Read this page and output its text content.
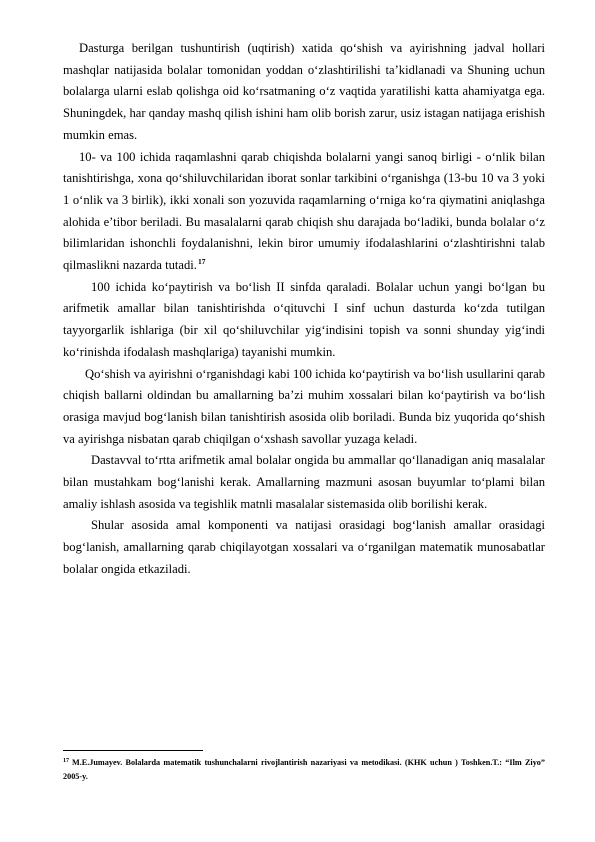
Dasturga berilgan tushuntirish (uqtirish) xatida qo‘shish va ayirishning jadval hollari mashqlar natijasida bolalar tomonidan yoddan o‘zlashtirilishi ta’kidlanadi va Shuning uchun bolalarga ularni eslab qolishga oid ko‘rsatmaning o‘z vaqtida yaratilishi katta ahamiyatga ega. Shuningdek, har qanday mashq qilish ishini ham olib borish zarur, usiz istagan natijaga erishish mumkin emas.

10- va 100 ichida raqamlashni qarab chiqishda bolalarni yangi sanoq birligi - o‘nlik bilan tanishtirishga, xona qo‘shiluvchilaridan iborat sonlar tarkibini o‘rganishga (13-bu 10 va 3 yoki 1 o‘nlik va 3 birlik), ikki xonali son yozuvida raqamlarning o‘rniga ko‘ra qiymatini aniqlashga alohida e’tibor beriladi. Bu masalalarni qarab chiqish shu darajada bo‘ladiki, bunda bolalar o‘z bilimlaridan ishonchli foydalanishni, lekin biror umumiy ifodalashlarini o‘zlashtirishni talab qilmaslikni nazarda tutadi.$^{17}$

100 ichida ko‘paytirish va bo‘lish II sinfda qaraladi. Bolalar uchun yangi bo‘lgan bu arifmetik amallar bilan tanishtirishda o‘qituvchi I sinf uchun dasturda ko‘zda tutilgan tayyorgarlik ishlariga (bir xil qo‘shiluvchilar yig‘indisini topish va sonni shunday yig‘indi ko‘rinishda ifodalash mashqlariga) tayanishi mumkin.

Qo‘shish va ayirishni o‘rganishdagi kabi 100 ichida ko‘paytirish va bo‘lish usullarini qarab chiqish ballarni oldindan bu amallarning ba’zi muhim xossalari bilan ko‘paytirish va bo‘lish orasiga mavjud bog‘lanish bilan tanishtirish asosida olib boriladi. Bunda biz yuqorida qo‘shish va ayirishga nisbatan qarab chiqilgan o‘xshash savollar yuzaga keladi.

Dastavval to‘rtta arifmetik amal bolalar ongida bu ammallar qo‘llanadigan aniq masalalar bilan mustahkam bog‘lanishi kerak. Amallarning mazmuni asosan buyumlar to‘plami bilan amaliy ishlash asosida va tegishlik matnli masalalar sistemasida olib borilishi kerak.

Shular asosida amal komponenti va natijasi orasidagi bog‘lanish amallar orasidagi bog‘lanish, amallarning qarab chiqilayotgan xossalari va o‘rganilgan matematik munosabatlar bolalar ongida etkaziladi.

$^{17}$ M.E.Jumayev. Bolalarda matematik tushunchalarni rivojlantirish nazariyasi va metodikasi. (KHK uchun ) Toshken.T.: “Ilm Ziyo” 2005-y.
